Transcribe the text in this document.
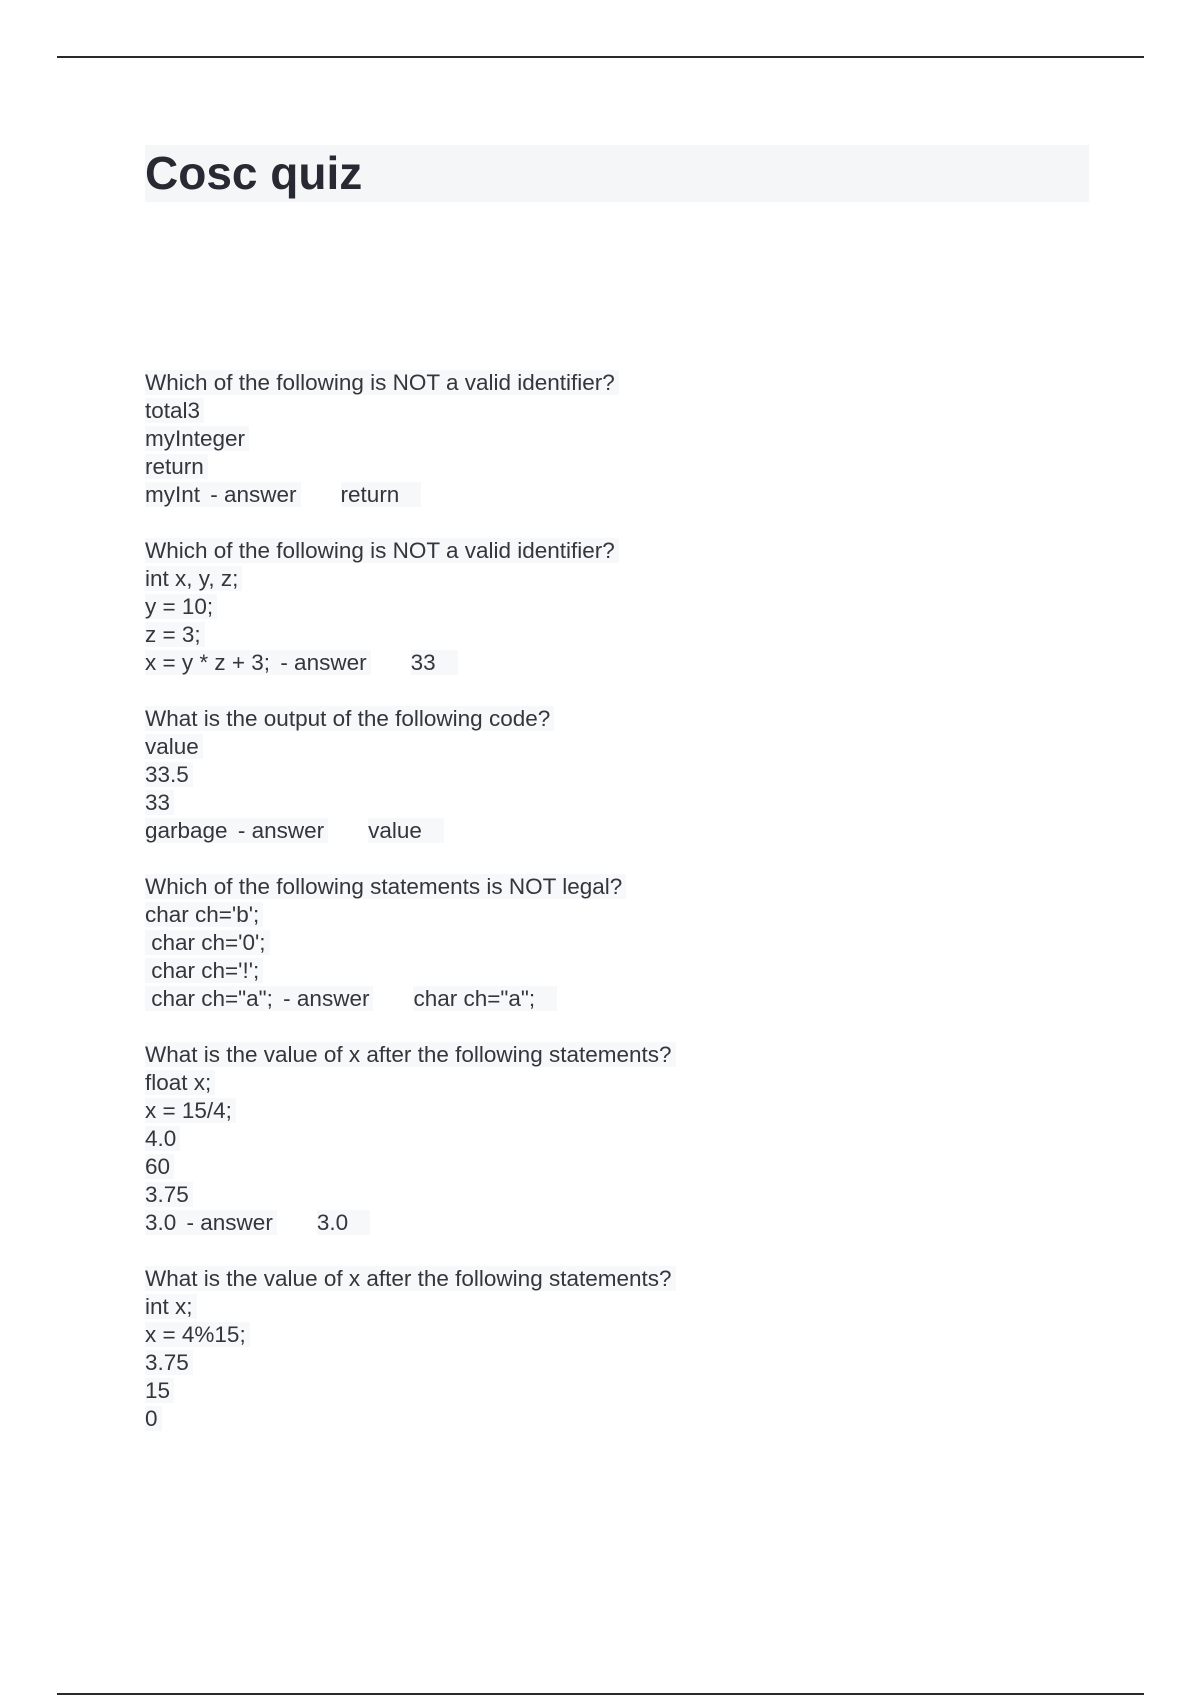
Cosc quiz
Which of the following is NOT a valid identifier?
total3
myInteger
return
myInt - answer return
Which of the following is NOT a valid identifier?
int x, y, z;
y = 10;
z = 3;
x = y * z + 3; - answer 33
What is the output of the following code?
value
33.5
33
garbage - answer value
Which of the following statements is NOT legal?
char ch='b';
char ch='0';
char ch='!';
char ch="a"; - answer char ch="a";
What is the value of x after the following statements?
float x;
x = 15/4;
4.0
60
3.75
3.0 - answer 3.0
What is the value of x after the following statements?
int x;
x = 4%15;
3.75
15
0
